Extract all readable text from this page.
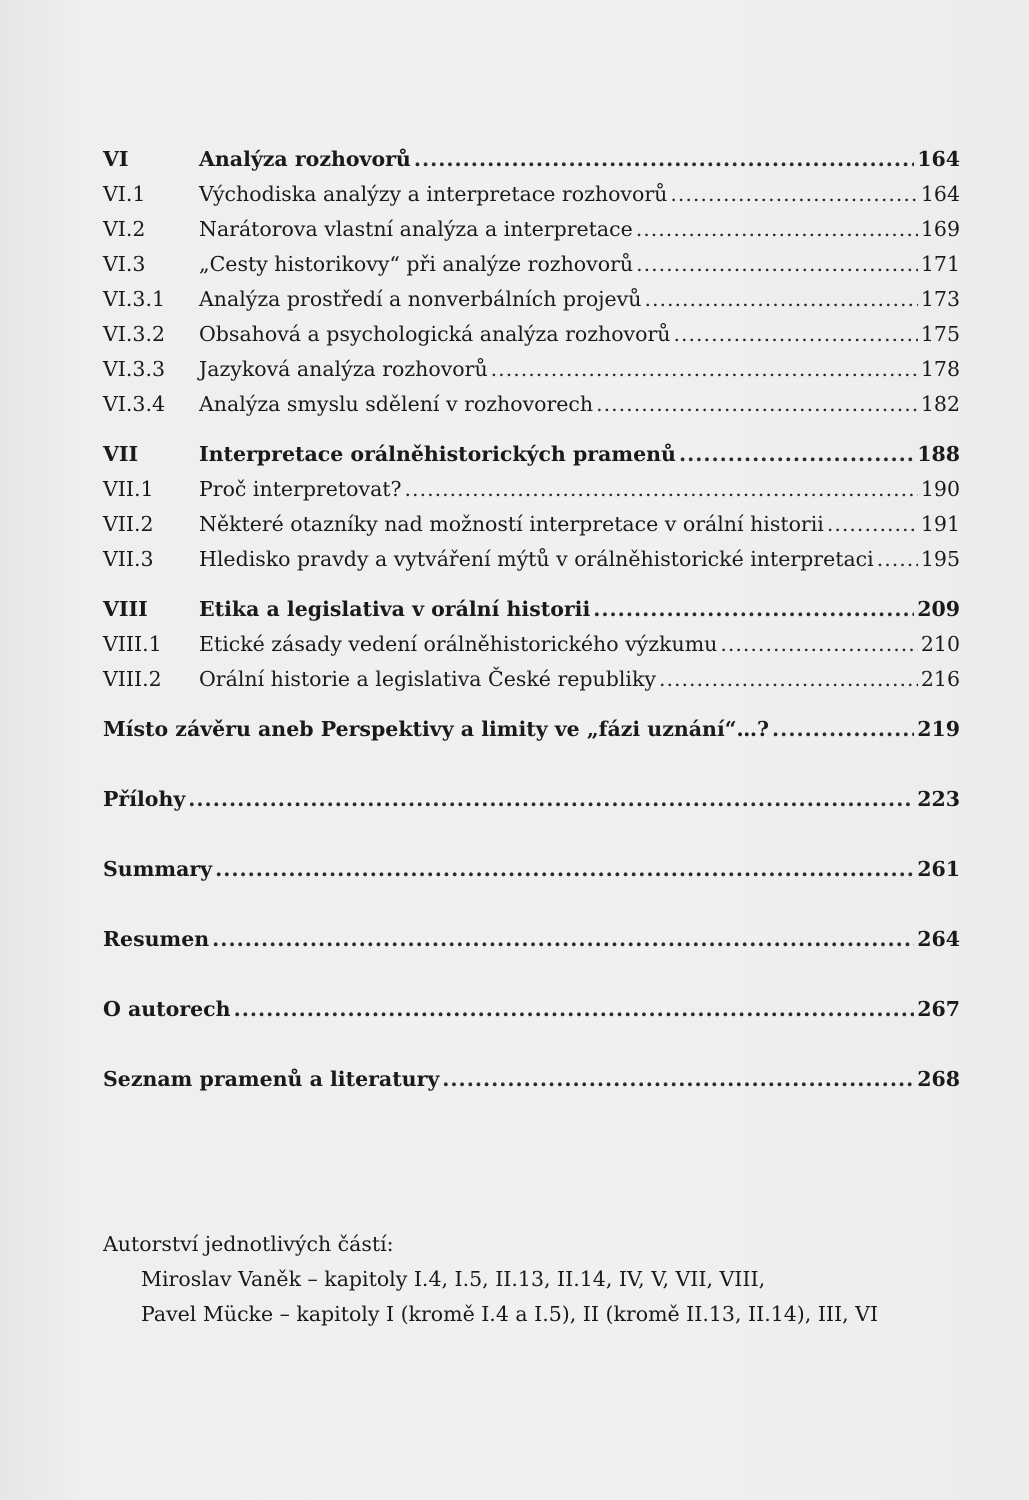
VI	Analýza rozhovorů .....	164
VI.1	Východiska analýzy a interpretace rozhovorů .....	164
VI.2	Narátorova vlastní analýza a interpretace .....	169
VI.3	„Cesty historikovy“ při analýze rozhovorů .....	171
VI.3.1	Analýza prostředí a nonverbálních projevů .....	173
VI.3.2	Obsahová a psychologická analýza rozhovorů .....	175
VI.3.3	Jazyková analýza rozhovorů .....	178
VI.3.4	Analýza smyslu sdělení v rozhovorech .....	182
VII	Interpretace orálněhistorických pramenů .....	188
VII.1	Proč interpretovat? .....	190
VII.2	Některé otazníky nad možností interpretace v orální historii .....	191
VII.3	Hledisko pravdy a vytváření mýtů v orálněhistorické interpretaci ..... 195
VIII	Etika a legislativa v orální historii .....	209
VIII.1	Etické zásady vedení orálněhistorického výzkumu .....	210
VIII.2	Orální historie a legislativa České republiky .....	216
Místo závěru aneb Perspektivy a limity ve „fázi uznání“…? .....	219
Přílohy .....	223
Summary .....	261
Resumen .....	264
O autorech .....	267
Seznam pramenů a literatury .....	268
Autorství jednotlivých částí:
Miroslav Vaněk – kapitoly I.4, I.5, II.13, II.14, IV, V, VII, VIII,
Pavel Mücke – kapitoly I (kromě I.4 a I.5), II (kromě II.13, II.14), III, VI
